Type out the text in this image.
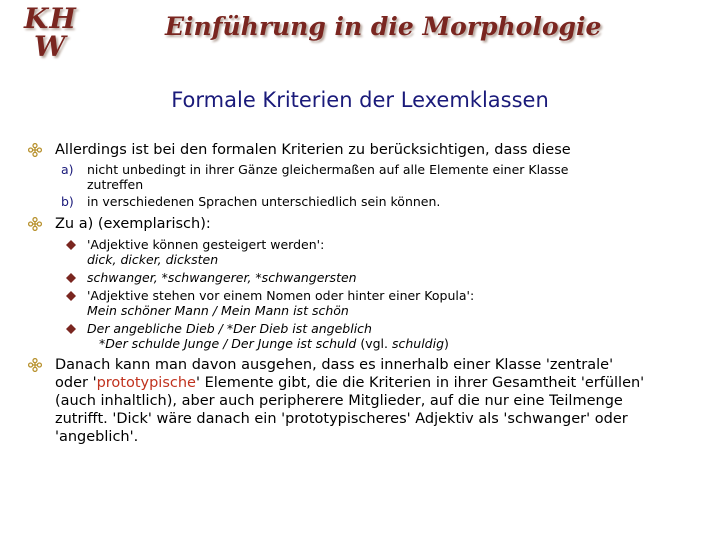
KH
W
Einführung in die Morphologie
Formale Kriterien der Lexemklassen
Allerdings ist bei den formalen Kriterien zu berücksichtigen, dass diese
a) nicht unbedingt in ihrer Gänze gleichermaßen auf alle Elemente einer Klasse
zutreffen
b) in verschiedenen Sprachen unterschiedlich sein können.
Zu a) (exemplarisch):
'Adjektive können gesteigert werden':
dick, dicker, dicksten
schwanger, *schwangerer, *schwangersten
'Adjektive stehen vor einem Nomen oder hinter einer Kopula':
Mein schöner Mann / Mein Mann ist schön
Der angebliche Dieb / *Der Dieb ist angeblich
*Der schulde Junge / Der Junge ist schuld (vgl. schuldig)
Danach kann man davon ausgehen, dass es innerhalb einer Klasse 'zentrale'
oder 'prototypische' Elemente gibt, die die Kriterien in ihrer Gesamtheit 'erfüllen'
(auch inhaltlich), aber auch peripherere Mitglieder, auf die nur eine Teilmenge
zutrifft. 'Dick' wäre danach ein 'prototypischeres' Adjektiv als 'schwanger' oder
'angeblich'.
